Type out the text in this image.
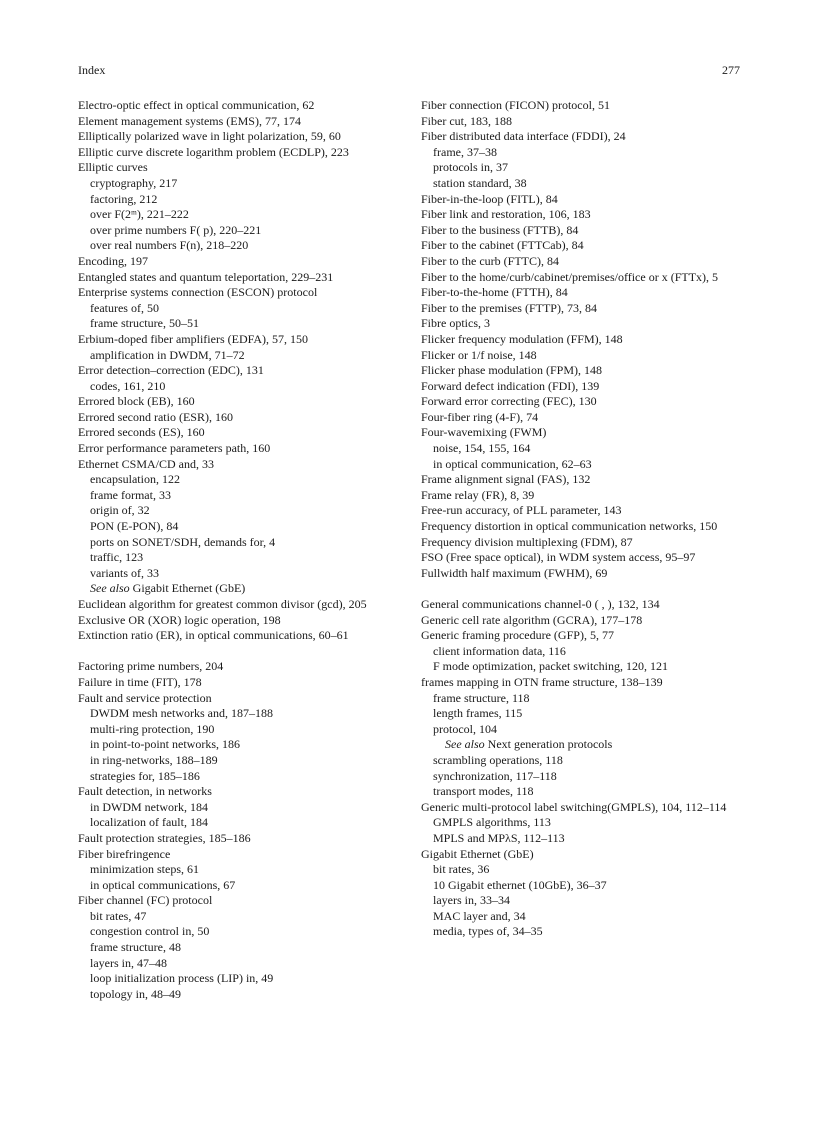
Index	277
Electro-optic effect in optical communication, 62
Element management systems (EMS), 77, 174
Elliptically polarized wave in light polarization, 59, 60
Elliptic curve discrete logarithm problem (ECDLP), 223
Elliptic curves
cryptography, 217
factoring, 212
over F(2ᵐ), 221–222
over prime numbers F( p), 220–221
over real numbers F(n), 218–220
Encoding, 197
Entangled states and quantum teleportation, 229–231
Enterprise systems connection (ESCON) protocol
features of, 50
frame structure, 50–51
Erbium-doped fiber amplifiers (EDFA), 57, 150
amplification in DWDM, 71–72
Error detection–correction (EDC), 131
codes, 161, 210
Errored block (EB), 160
Errored second ratio (ESR), 160
Errored seconds (ES), 160
Error performance parameters path, 160
Ethernet CSMA/CD and, 33
encapsulation, 122
frame format, 33
origin of, 32
PON (E-PON), 84
ports on SONET/SDH, demands for, 4
traffic, 123
variants of, 33
See also Gigabit Ethernet (GbE)
Euclidean algorithm for greatest common divisor (gcd), 205
Exclusive OR (XOR) logic operation, 198
Extinction ratio (ER), in optical communications, 60–61
Factoring prime numbers, 204
Failure in time (FIT), 178
Fault and service protection
DWDM mesh networks and, 187–188
multi-ring protection, 190
in point-to-point networks, 186
in ring-networks, 188–189
strategies for, 185–186
Fault detection, in networks
in DWDM network, 184
localization of fault, 184
Fault protection strategies, 185–186
Fiber birefringence
minimization steps, 61
in optical communications, 67
Fiber channel (FC) protocol
bit rates, 47
congestion control in, 50
frame structure, 48
layers in, 47–48
loop initialization process (LIP) in, 49
topology in, 48–49
Fiber connection (FICON) protocol, 51
Fiber cut, 183, 188
Fiber distributed data interface (FDDI), 24
frame, 37–38
protocols in, 37
station standard, 38
Fiber-in-the-loop (FITL), 84
Fiber link and restoration, 106, 183
Fiber to the business (FTTB), 84
Fiber to the cabinet (FTTCab), 84
Fiber to the curb (FTTC), 84
Fiber to the home/curb/cabinet/premises/office or x (FTTx), 5
Fiber-to-the-home (FTTH), 84
Fiber to the premises (FTTP), 73, 84
Fibre optics, 3
Flicker frequency modulation (FFM), 148
Flicker or 1/f noise, 148
Flicker phase modulation (FPM), 148
Forward defect indication (FDI), 139
Forward error correcting (FEC), 130
Four-fiber ring (4-F), 74
Four-wavemixing (FWM)
noise, 154, 155, 164
in optical communication, 62–63
Frame alignment signal (FAS), 132
Frame relay (FR), 8, 39
Free-run accuracy, of PLL parameter, 143
Frequency distortion in optical communication networks, 150
Frequency division multiplexing (FDM), 87
FSO (Free space optical), in WDM system access, 95–97
Fullwidth half maximum (FWHM), 69
General communications channel-0 ( , ), 132, 134
Generic cell rate algorithm (GCRA), 177–178
Generic framing procedure (GFP), 5, 77
client information data, 116
F mode optimization, packet switching, 120, 121
frames mapping in OTN frame structure, 138–139
frame structure, 118
length frames, 115
protocol, 104
See also Next generation protocols
scrambling operations, 118
synchronization, 117–118
transport modes, 118
Generic multi-protocol label switching(GMPLS), 104, 112–114
GMPLS algorithms, 113
MPLS and MPλS, 112–113
Gigabit Ethernet (GbE)
bit rates, 36
10 Gigabit ethernet (10GbE), 36–37
layers in, 33–34
MAC layer and, 34
media, types of, 34–35
